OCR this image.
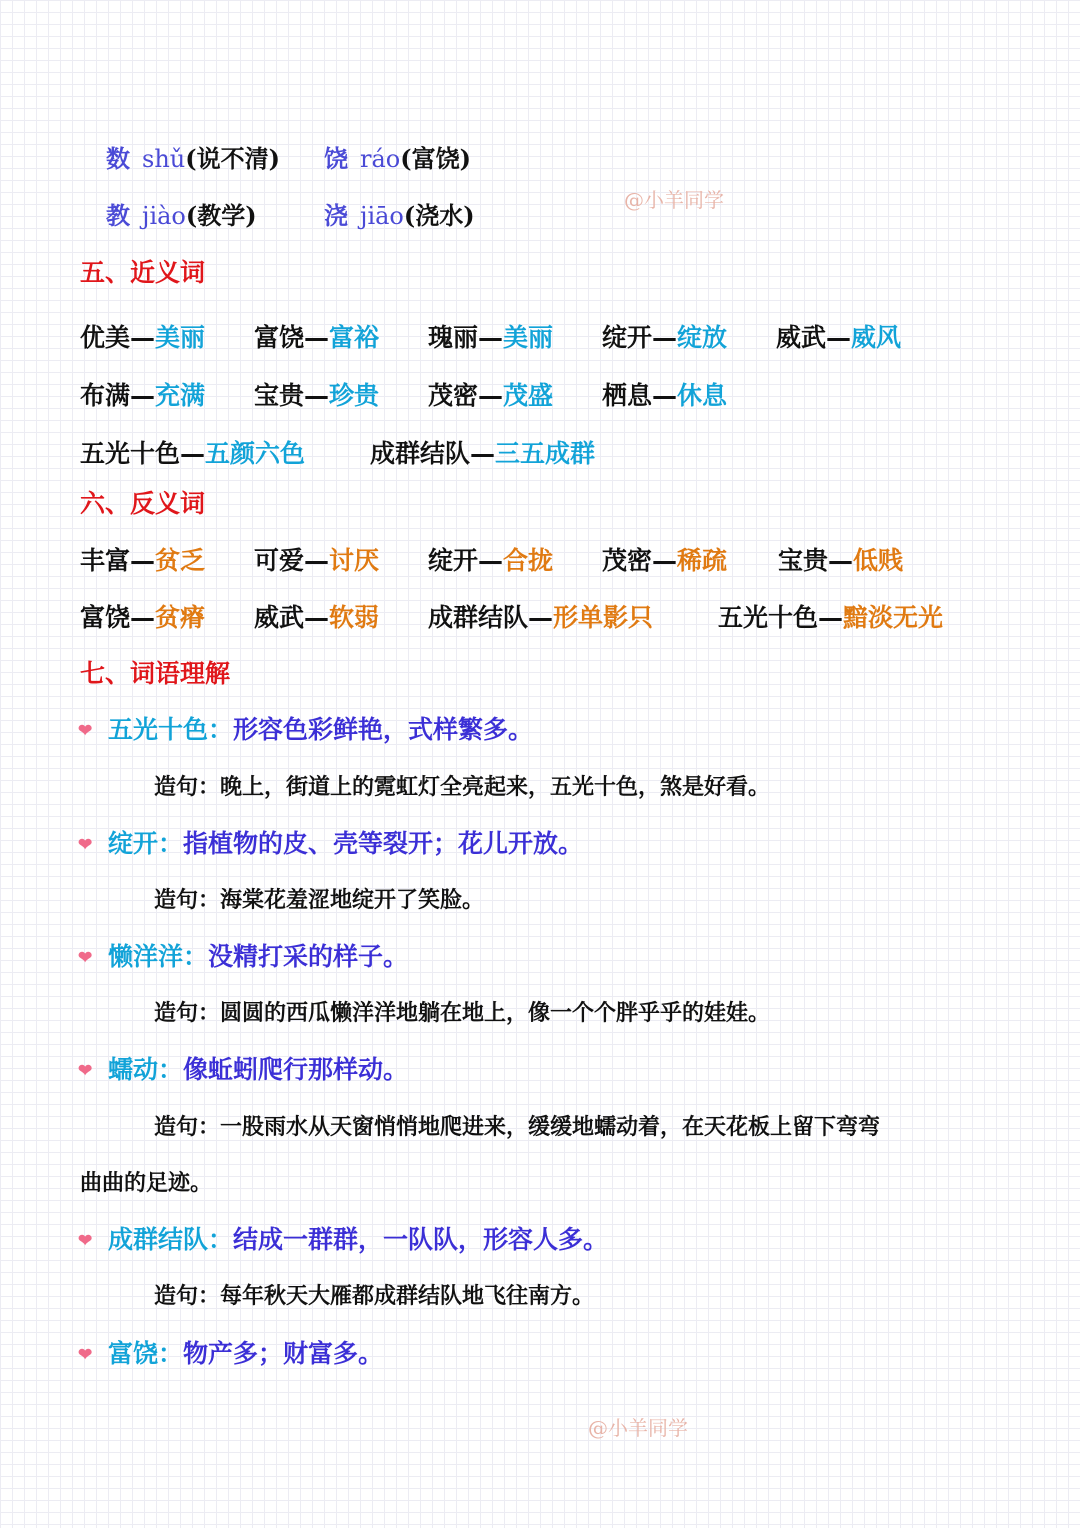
数 shǔ(说不清) 饶 ráo(富饶)
教 jiào(教学)	浇 jiāo(浇水)
@小羊同学
五、近义词
优美—美丽 富饶—富裕 瑰丽—美丽 绽开—绽放 威武—威风
布满—充满 宝贵—珍贵 茂密—茂盛 栖息—休息
五光十色—五颜六色	成群结队—三五成群
六、反义词
丰富—贫乏 可爱—讨厌 绽开—合拢 茂密—稀疏 宝贵—低贱
富饶—贫瘠 威武—软弱 成群结队—形单影只	五光十色—黯淡无光
七、词语理解
❤ 五光十色：形容色彩鲜艳，式样繁多。
造句：晚上，街道上的霓虹灯全亮起来，五光十色，煞是好看。
❤ 绽开：指植物的皮、壳等裂开；花儿开放。
造句：海棠花羞涩地绽开了笑脸。
❤ 懒洋洋：没精打采的样子。
造句：圆圆的西瓜懒洋洋地躺在地上，像一个个胖乎乎的娃娃。
❤ 蠕动：像蚯蚓爬行那样动。
造句：一股雨水从天窗悄悄地爬进来，缓缓地蠕动着，在天花板上留下弯弯
曲曲的足迹。
❤ 成群结队：结成一群群，一队队，形容人多。
造句：每年秋天大雁都成群结队地飞往南方。
❤ 富饶：物产多；财富多。
@小羊同学
